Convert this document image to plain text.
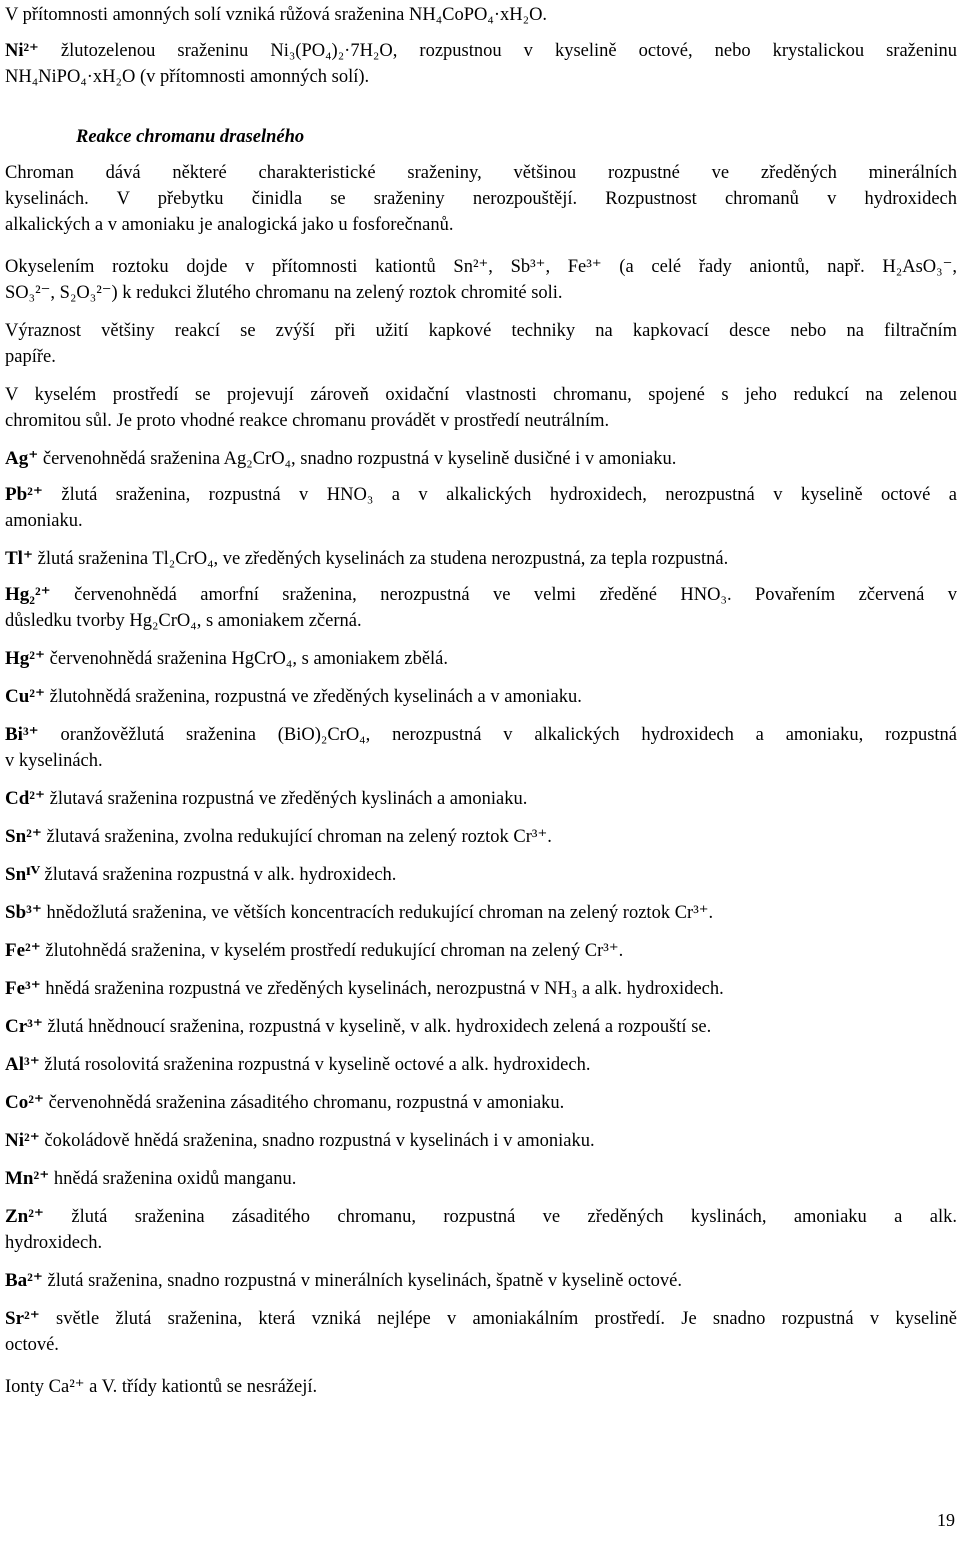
V přítomnosti amonných solí vzniká růžová sraženina NH₄CoPO₄·xH₂O.
Ni²⁺ žlutozelenou sraženinu Ni₃(PO₄)₂·7H₂O, rozpustnou v kyselině octové, nebo krystalickou sraženinu
NH₄NiPO₄·xH₂O (v přítomnosti amonných solí).
Reakce chromanu draselného
Chroman dává některé charakteristické sraženiny, většinou rozpustné ve zředěných minerálních
kyselinách. V přebytku činidla se sraženiny nerozpouštějí. Rozpustnost chromanů v hydroxidech
alkalických a v amoniaku je analogická jako u fosforečnanů.
Okyselením roztoku dojde v přítomnosti kationtů Sn²⁺, Sb³⁺, Fe³⁺ (a celé řady aniontů, např. H₂AsO₃⁻,
SO₃²⁻, S₂O₃²⁻) k redukci žlutého chromanu na zelený roztok chromité soli.
Výraznost většiny reakcí se zvýší při užití kapkové techniky na kapkovací desce nebo na filtračním
papíře.
V kyselém prostředí se projevují zároveň oxidační vlastnosti chromanu, spojené s jeho redukcí na zelenou
chromitou sůl. Je proto vhodné reakce chromanu provádět v prostředí neutrálním.
Ag⁺ červenohnědá sraženina Ag₂CrO₄, snadno rozpustná v kyselině dusičné i v amoniaku.
Pb²⁺ žlutá sraženina, rozpustná v HNO₃ a v alkalických hydroxidech, nerozpustná v kyselině octové a
amoniaku.
Tl⁺ žlutá sraženina Tl₂CrO₄, ve zředěných kyselinách za studena nerozpustná, za tepla rozpustná.
Hg₂²⁺ červenohnědá amorfní sraženina, nerozpustná ve velmi zředěné HNO₃. Povařením zčervená v
důsledku tvorby Hg₂CrO₄, s amoniakem zčerná.
Hg²⁺ červenohnědá sraženina HgCrO₄, s amoniakem zbělá.
Cu²⁺ žlutohnědá sraženina, rozpustná ve zředěných kyselinách a v amoniaku.
Bi³⁺ oranžověžlutá sraženina (BiO)₂CrO₄, nerozpustná v alkalických hydroxidech a amoniaku, rozpustná
v kyselinách.
Cd²⁺ žlutavá sraženina rozpustná ve zředěných kyslinách a amoniaku.
Sn²⁺ žlutavá sraženina, zvolna redukující chroman na zelený roztok Cr³⁺.
Snᴵⱽ žlutavá sraženina rozpustná v alk. hydroxidech.
Sb³⁺ hnědožlutá sraženina, ve větších koncentracích redukující chroman na zelený roztok Cr³⁺.
Fe²⁺ žlutohnědá sraženina, v kyselém prostředí redukující chroman na zelený Cr³⁺.
Fe³⁺ hnědá sraženina rozpustná ve zředěných kyselinách, nerozpustná v NH₃ a alk. hydroxidech.
Cr³⁺ žlutá hnědnoucí sraženina, rozpustná v kyselině, v alk. hydroxidech zelená a rozpouští se.
Al³⁺ žlutá rosolovitá sraženina rozpustná v kyselině octové a alk. hydroxidech.
Co²⁺ červenohnědá sraženina zásaditého chromanu, rozpustná v amoniaku.
Ni²⁺ čokoládově hnědá sraženina, snadno rozpustná v kyselinách i v amoniaku.
Mn²⁺ hnědá sraženina oxidů manganu.
Zn²⁺ žlutá sraženina zásaditého chromanu, rozpustná ve zředěných kyslinách, amoniaku a alk.
hydroxidech.
Ba²⁺ žlutá sraženina, snadno rozpustná v minerálních kyselinách, špatně v kyselině octové.
Sr²⁺ světle žlutá sraženina, která vzniká nejlépe v amoniakálním prostředí. Je snadno rozpustná v kyselině
octové.
Ionty Ca²⁺ a V. třídy kationtů se nesrážejí.
19
